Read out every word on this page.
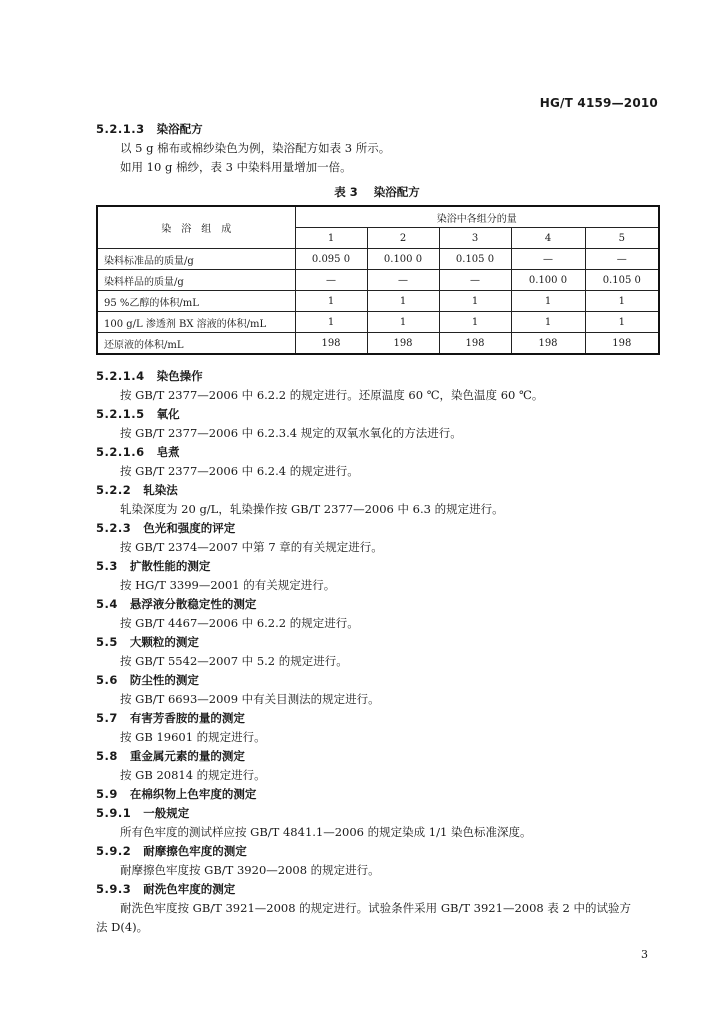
HG/T 4159—2010
5.2.1.3 染浴配方
以 5 g 棉布或棉纱染色为例，染浴配方如表 3 所示。
如用 10 g 棉纱，表 3 中染料用量增加一倍。
表 3 染浴配方
染　浴　组　成	染浴中各组分的量				
	1	2	3	4	5
染料标准品的质量/g	0.095 0	0.100 0	0.105 0	—	—
染料样品的质量/g	—	—	—	0.100 0	0.105 0
95 %乙醇的体积/mL	1	1	1	1	1
100 g/L 渗透剂 BX 溶液的体积/mL	1	1	1	1	1
还原液的体积/mL	198	198	198	198	198
5.2.1.4 染色操作
按 GB/T 2377—2006 中 6.2.2 的规定进行。还原温度 60 ℃，染色温度 60 ℃。
5.2.1.5 氧化
按 GB/T 2377—2006 中 6.2.3.4 规定的双氧水氧化的方法进行。
5.2.1.6 皂煮
按 GB/T 2377—2006 中 6.2.4 的规定进行。
5.2.2 轧染法
轧染深度为 20 g/L，轧染操作按 GB/T 2377—2006 中 6.3 的规定进行。
5.2.3 色光和强度的评定
按 GB/T 2374—2007 中第 7 章的有关规定进行。
5.3 扩散性能的测定
按 HG/T 3399—2001 的有关规定进行。
5.4 悬浮液分散稳定性的测定
按 GB/T 4467—2006 中 6.2.2 的规定进行。
5.5 大颗粒的测定
按 GB/T 5542—2007 中 5.2 的规定进行。
5.6 防尘性的测定
按 GB/T 6693—2009 中有关目测法的规定进行。
5.7 有害芳香胺的量的测定
按 GB 19601 的规定进行。
5.8 重金属元素的量的测定
按 GB 20814 的规定进行。
5.9 在棉织物上色牢度的测定
5.9.1 一般规定
所有色牢度的测试样应按 GB/T 4841.1—2006 的规定染成 1/1 染色标准深度。
5.9.2 耐摩擦色牢度的测定
耐摩擦色牢度按 GB/T 3920—2008 的规定进行。
5.9.3 耐洗色牢度的测定
耐洗色牢度按 GB/T 3921—2008 的规定进行。试验条件采用 GB/T 3921—2008 表 2 中的试验方
法 D(4)。
3
